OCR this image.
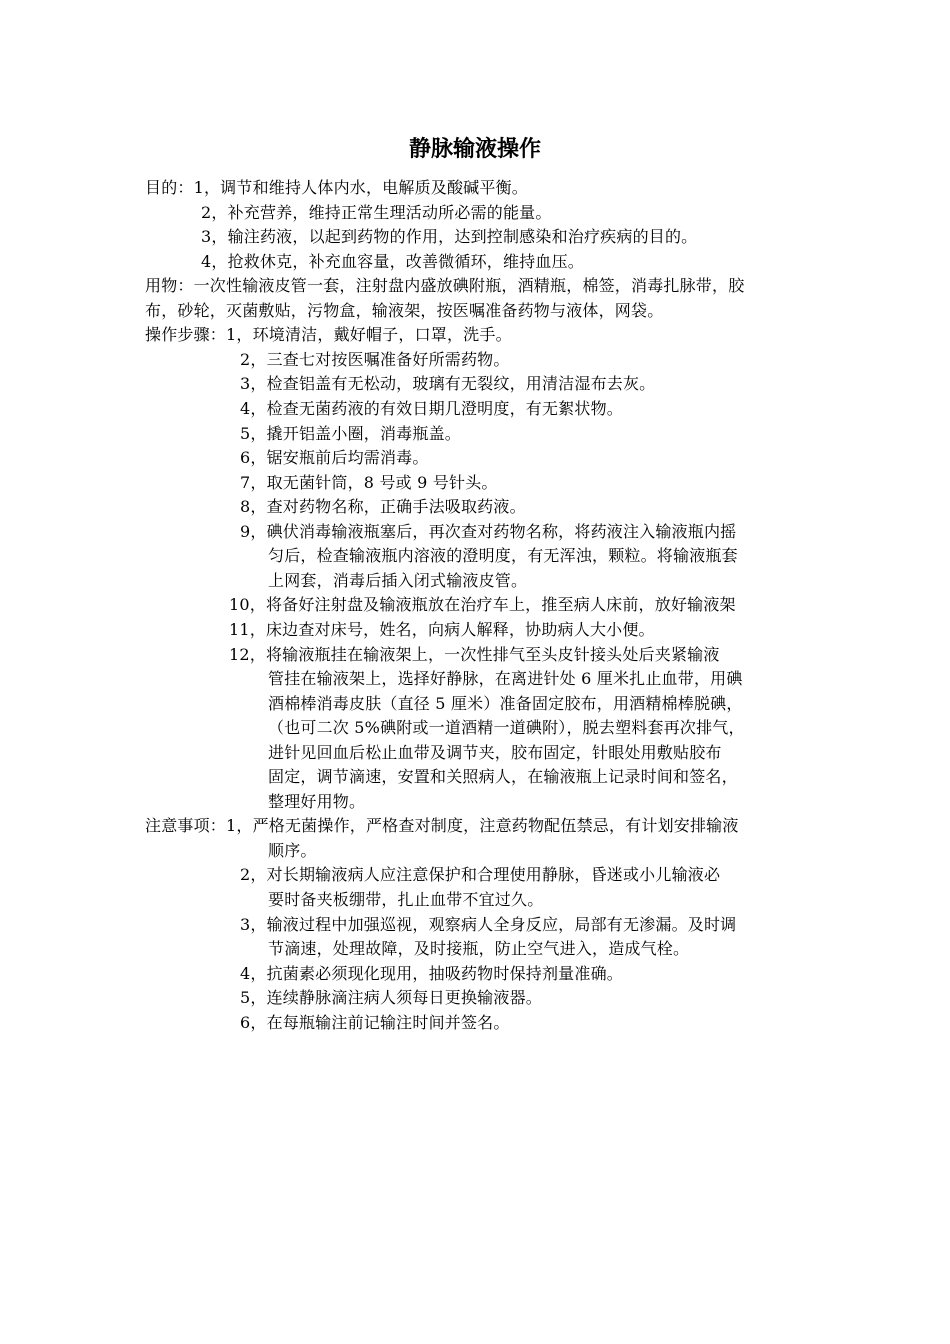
静脉输液操作
目的：1，调节和维持人体内水，电解质及酸碱平衡。
2，补充营养，维持正常生理活动所必需的能量。
3，输注药液，以起到药物的作用，达到控制感染和治疗疾病的目的。
4，抢救休克，补充血容量，改善微循环，维持血压。
用物：一次性输液皮管一套，注射盘内盛放碘附瓶，酒精瓶，棉签，消毒扎脉带，胶
布，砂轮，灭菌敷贴，污物盒，输液架，按医嘱准备药物与液体，网袋。
操作步骤：1，环境清洁，戴好帽子，口罩，洗手。
2，三查七对按医嘱准备好所需药物。
3，检查铝盖有无松动，玻璃有无裂纹，用清洁湿布去灰。
4，检查无菌药液的有效日期几澄明度，有无絮状物。
5，撬开铝盖小圈，消毒瓶盖。
6，锯安瓶前后均需消毒。
7，取无菌针筒，8 号或 9 号针头。
8，查对药物名称，正确手法吸取药液。
9，碘伏消毒输液瓶塞后，再次查对药物名称，将药液注入输液瓶内摇
匀后，检查输液瓶内溶液的澄明度，有无浑浊，颗粒。将输液瓶套
上网套，消毒后插入闭式输液皮管。
10，将备好注射盘及输液瓶放在治疗车上，推至病人床前，放好输液架
11，床边查对床号，姓名，向病人解释，协助病人大小便。
12，将输液瓶挂在输液架上，一次性排气至头皮针接头处后夹紧输液
管挂在输液架上，选择好静脉，在离进针处 6 厘米扎止血带，用碘
酒棉棒消毒皮肤（直径 5 厘米）准备固定胶布，用酒精棉棒脱碘，
（也可二次 5%碘附或一道酒精一道碘附），脱去塑料套再次排气，
进针见回血后松止血带及调节夹，胶布固定，针眼处用敷贴胶布
固定，调节滴速，安置和关照病人，在输液瓶上记录时间和签名，
整理好用物。
注意事项：1，严格无菌操作，严格查对制度，注意药物配伍禁忌，有计划安排输液
顺序。
2，对长期输液病人应注意保护和合理使用静脉，昏迷或小儿输液必
要时备夹板绷带，扎止血带不宜过久。
3，输液过程中加强巡视，观察病人全身反应，局部有无渗漏。及时调
节滴速，处理故障，及时接瓶，防止空气进入，造成气栓。
4，抗菌素必须现化现用，抽吸药物时保持剂量准确。
5，连续静脉滴注病人须每日更换输液器。
6，在每瓶输注前记输注时间并签名。
